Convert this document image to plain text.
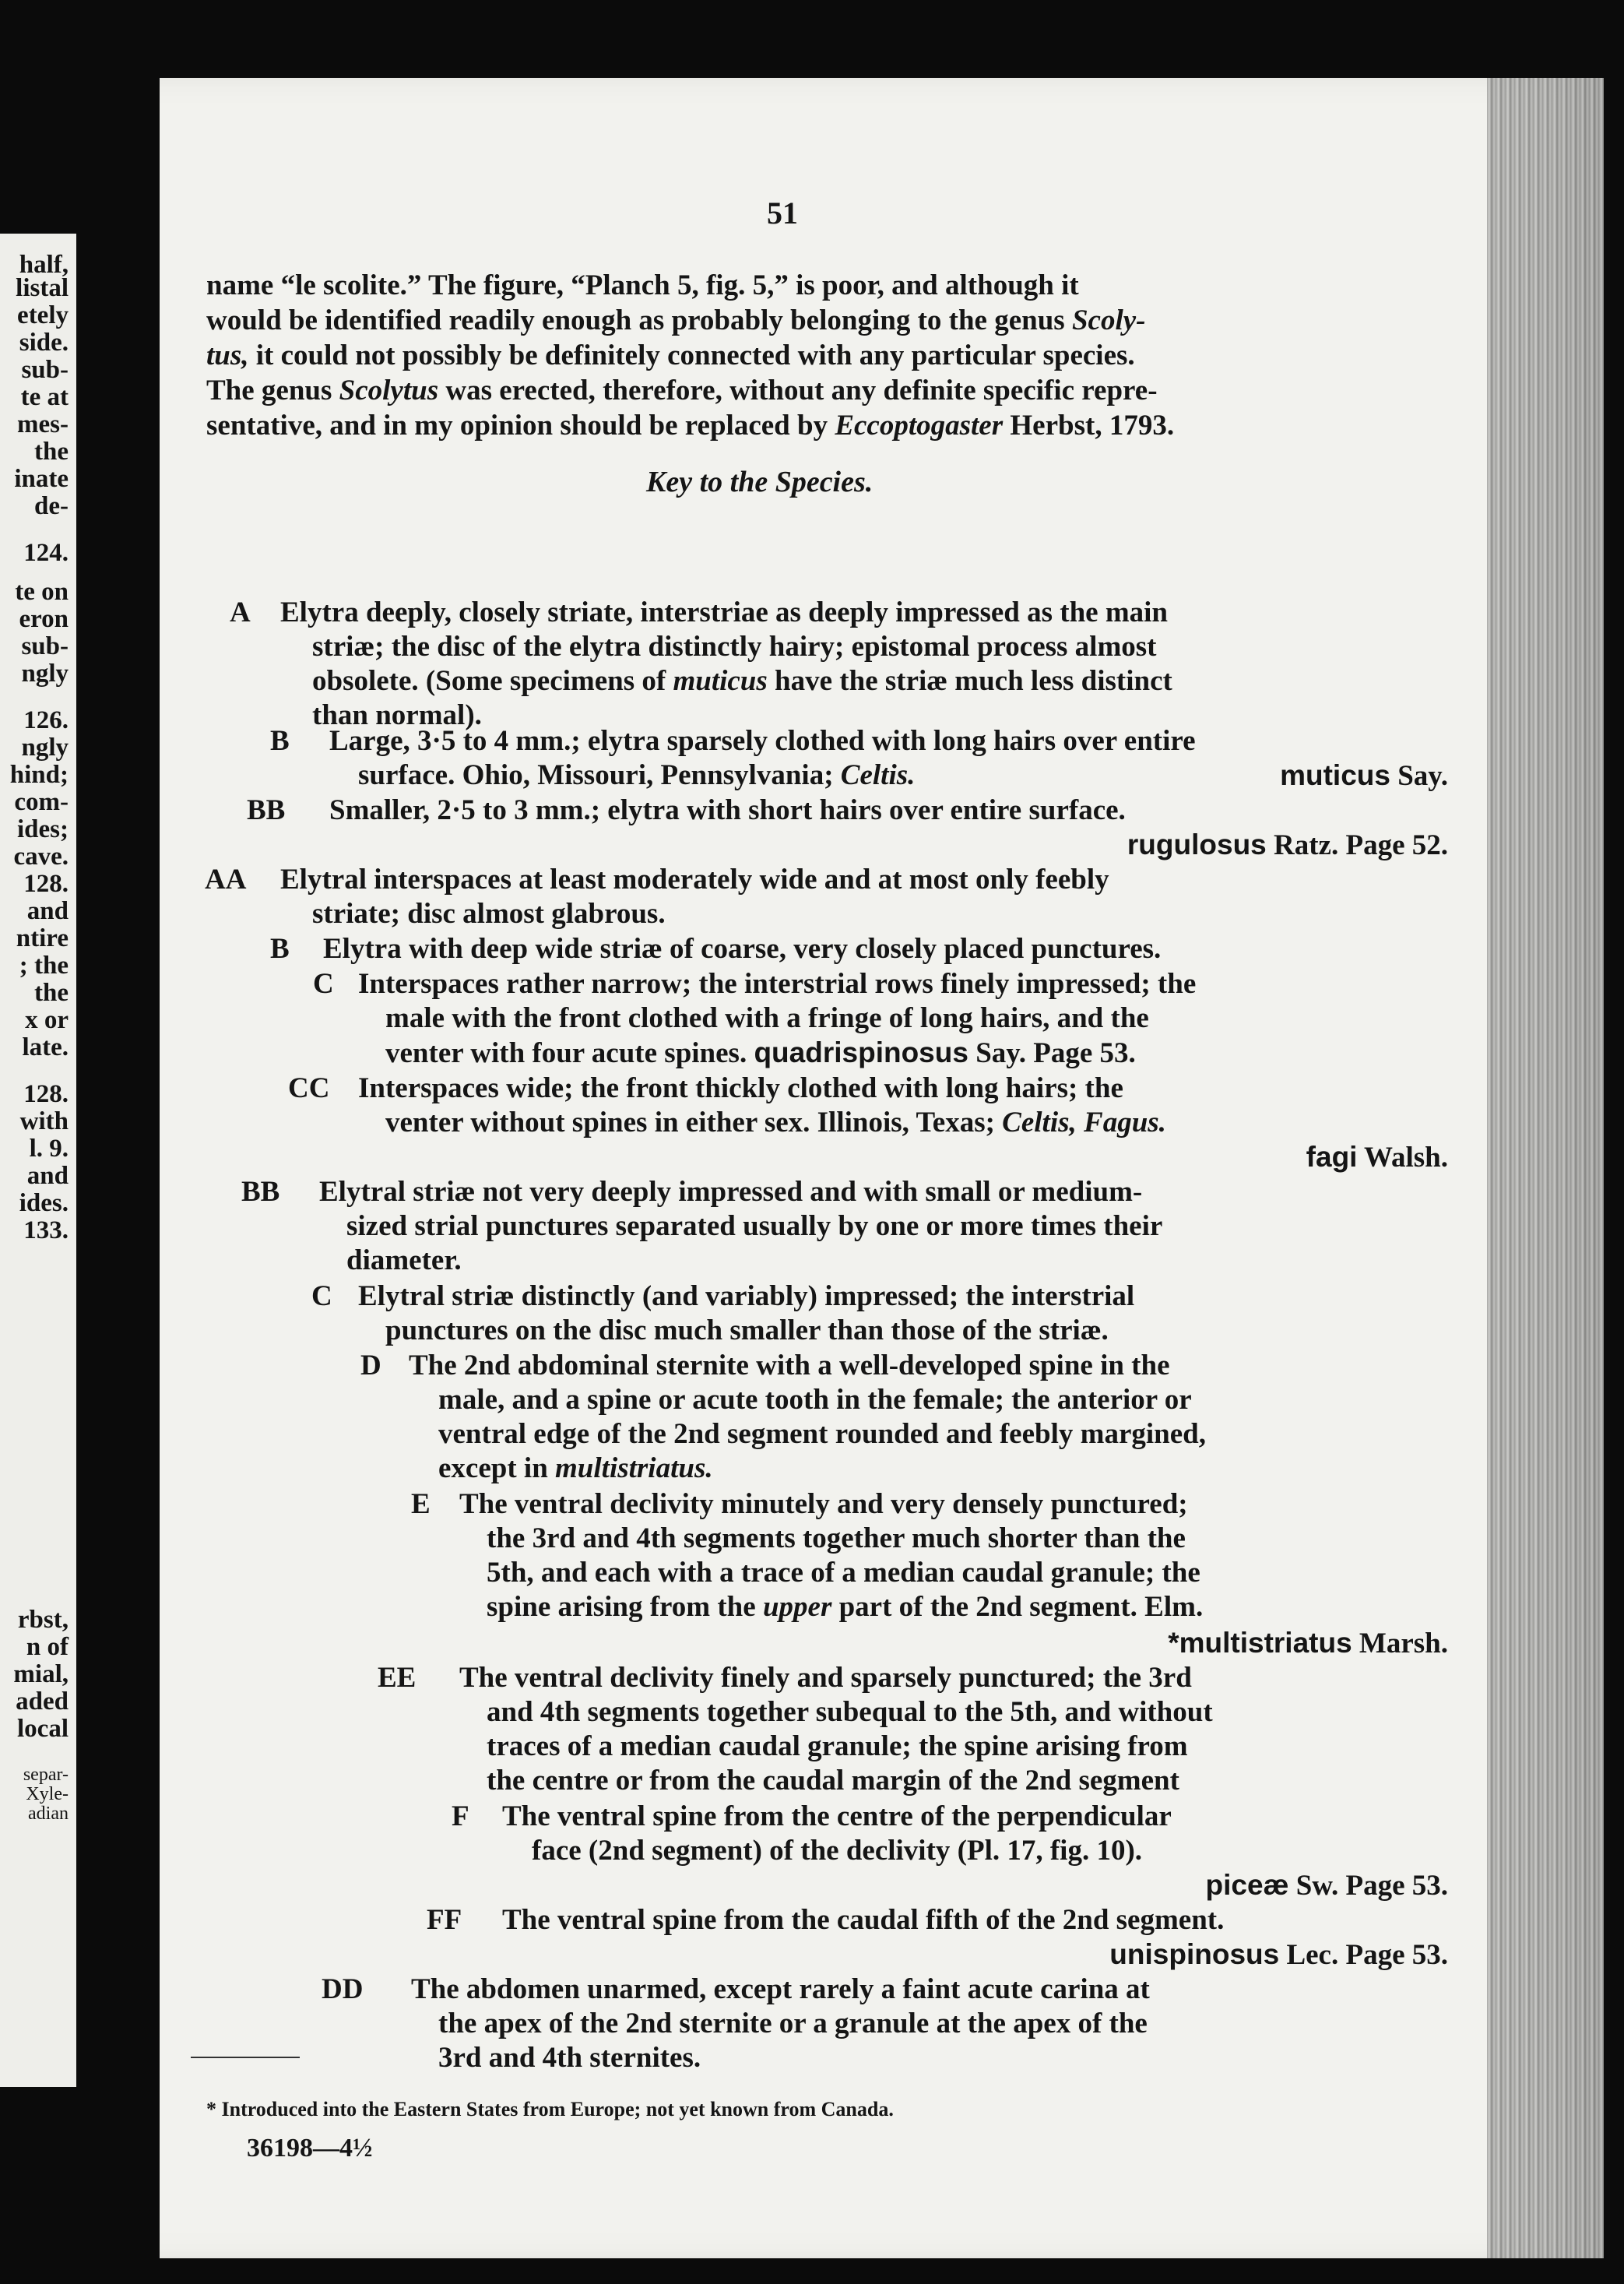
half,
listal
etely
side.
sub-
te at
mes-
the
inate
de-
124.
te on
eron
sub-
ngly
126.
ngly
hind;
com-
ides;
cave.
128.
and
ntire
; the
the
x or
late.
128.
with
l. 9.
and
ides.
133.
rbst,
n of
mial,
aded
local
separ-
Xyle-
adian
51
name “le scolite.” The figure, “Planch 5, fig. 5,” is poor, and although it
would be identified readily enough as probably belonging to the genus Scoly-
tus, it could not possibly be definitely connected with any particular species.
The genus Scolytus was erected, therefore, without any definite specific repre-
sentative, and in my opinion should be replaced by Eccoptogaster Herbst, 1793.
Key to the Species.
A Elytra deeply, closely striate, interstriae as deeply impressed as the main
striæ; the disc of the elytra distinctly hairy; epistomal process almost
obsolete. (Some specimens of muticus have the striæ much less distinct
than normal).
B Large, 3·5 to 4 mm.; elytra sparsely clothed with long hairs over entire
surface. Ohio, Missouri, Pennsylvania; Celtis.	muticus Say.
BB Smaller, 2·5 to 3 mm.; elytra with short hairs over entire surface.
rugulosus Ratz. Page 52.
AA Elytral interspaces at least moderately wide and at most only feebly
striate; disc almost glabrous.
B Elytra with deep wide striæ of coarse, very closely placed punctures.
C Interspaces rather narrow; the interstrial rows finely impressed; the
male with the front clothed with a fringe of long hairs, and the
venter with four acute spines. quadrispinosus Say. Page 53.
CC Interspaces wide; the front thickly clothed with long hairs; the
venter without spines in either sex. Illinois, Texas; Celtis, Fagus.
fagi Walsh.
BB Elytral striæ not very deeply impressed and with small or medium-
sized strial punctures separated usually by one or more times their
diameter.
C Elytral striæ distinctly (and variably) impressed; the interstrial
punctures on the disc much smaller than those of the striæ.
D The 2nd abdominal sternite with a well-developed spine in the
male, and a spine or acute tooth in the female; the anterior or
ventral edge of the 2nd segment rounded and feebly margined,
except in multistriatus.
E The ventral declivity minutely and very densely punctured;
the 3rd and 4th segments together much shorter than the
5th, and each with a trace of a median caudal granule; the
spine arising from the upper part of the 2nd segment. Elm.
*multistriatus Marsh.
EE The ventral declivity finely and sparsely punctured; the 3rd
and 4th segments together subequal to the 5th, and without
traces of a median caudal granule; the spine arising from
the centre or from the caudal margin of the 2nd segment
F The ventral spine from the centre of the perpendicular
face (2nd segment) of the declivity (Pl. 17, fig. 10).
piceæ Sw. Page 53.
FF The ventral spine from the caudal fifth of the 2nd segment.
unispinosus Lec. Page 53.
DD The abdomen unarmed, except rarely a faint acute carina at
the apex of the 2nd sternite or a granule at the apex of the
3rd and 4th sternites.
* Introduced into the Eastern States from Europe; not yet known from Canada.
36198—4½
